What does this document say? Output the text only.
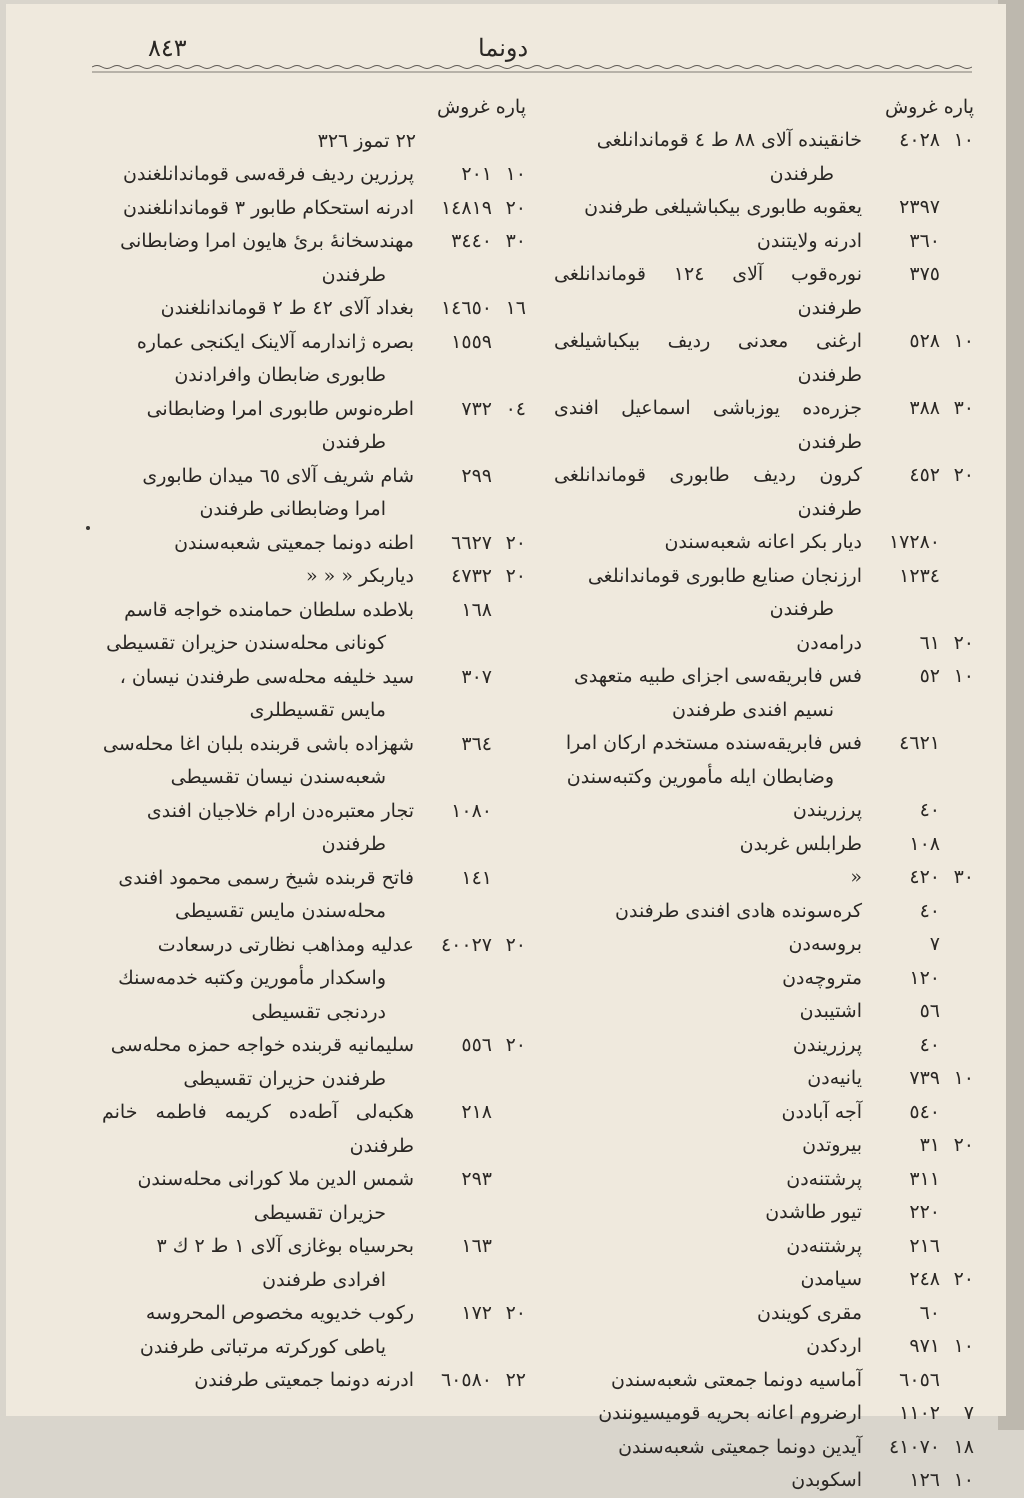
٨٤٣	دونما
پاره غروش
١٠
٤٠٢٨
خانقینده آلای ٨٨ ط ٤ قوماندانلغی
طرفندن
٢٣٩٧
یعقوبه طابوری بیکباشیلغی طرفندن
٣٦٠
ادرنه ولایتندن
٣٧٥
نوره‌قوب آلای ١٢٤ قوماندانلغی طرفندن
١٠
٥٢٨
ارغنی معدنی ردیف بیکباشیلغی طرفندن
٣٠
٣٨٨
جزره‌ده یوزباشی اسماعیل افندی طرفندن
٢٠
٤٥٢
کرون ردیف طابوری قوماندانلغی طرفندن
١٧٢٨٠
دیار بکر اعانه شعبه‌سندن
١٢٣٤
ارزنجان صنایع طابوری قوماندانلغی
طرفندن
٢٠
٦١
درامه‌دن
١٠
٥٢
فس فابریقه‌سی اجزای طبیه متعهدی
نسیم افندی طرفندن
٤٦٢١
فس فابریقه‌سنده مستخدم ارکان امرا
وضابطان ایله مأمورین وکتبه‌سندن
٤٠
پرزریندن
١٠٨
طرابلس غربدن
٣٠
٤٢٠
«
٤٠
کره‌سونده هادی افندی طرفندن
٧
بروسه‌دن
١٢٠
متروچه‌دن
٥٦
اشتیبدن
٤٠
پرزریندن
١٠
٧٣٩
یانیه‌دن
٥٤٠
آجه آباددن
٢٠
٣١
بیروتدن
٣١١
پرشتنه‌دن
٢٢٠
تیور طاشدن
٢١٦
پرشتنه‌دن
٢٠
٢٤٨
سیامدن
٦٠
مقری کویندن
١٠
٩٧١
اردکدن
٦٠٥٦
آماسیه دونما جمعتی شعبه‌سندن
٧
١١٠٢
ارضروم اعانه بحریه قومیسیونندن
١٨
٤١٠٧٠
آیدین دونما جمعیتی شعبه‌سندن
١٠
١٢٦
اسکوبدن
پاره غروش
٢٢ تموز ٣٢٦
١٠
٢٠١
پرزرین ردیف فرقه‌سی قوماندانلغندن
٢٠
١٤٨١٩
ادرنه استحکام طابور ٣ قوماندانلغندن
٣٠
٣٤٤٠
مهندسخانهٔ بریٔ هایون امرا وضابطانی
طرفندن
١٦
١٤٦٥٠
بغداد آلای ٤٢ ط ٢ قوماندانلغندن
١٥٥٩
بصره ژاندارمه آلاینک ایکنجی عماره
طابوری ضابطان وافرادندن
٠٤
٧٣٢
اطره‌نوس طابوری امرا وضابطانی
طرفندن
٢٩٩
شام شریف آلای ٦٥ میدان طابوری
امرا وضابطانی طرفندن
٢٠
٦٦٢٧
اطنه دونما جمعیتی شعبه‌سندن
٢٠
٤٧٣٢
دیاربکر « « «
١٦٨
بلاطده سلطان حمامنده خواجه قاسم
کونانی محله‌سندن حزیران تقسیطی
٣٠٧
سید خلیفه محله‌سی طرفندن نیسان ،
مایس تقسیطلری
٣٦٤
شهزاده باشی قربنده بلبان اغا محله‌سی
شعبه‌سندن نیسان تقسیطی
١٠٨٠
تجار معتبره‌دن ارام خلاجیان افندی
طرفندن
١٤١
فاتح قربنده شیخ رسمی محمود افندی
محله‌سندن مایس تقسیطی
٢٠
٤٠٠٢٧
عدلیه ومذاهب نظارتی درسعادت
واسکدار مأمورین وکتبه خدمه‌سنك
دردنجی تقسیطی
٢٠
٥٥٦
سلیمانیه قربنده خواجه حمزه محله‌سی
طرفندن حزیران تقسیطی
٢١٨
هکبه‌لی آطه‌ده کریمه فاطمه خانم طرفندن
٢٩٣
شمس الدین ملا کورانی محله‌سندن
حزیران تقسیطی
١٦٣
بحرسیاه بوغازی آلای ١ ط ٢ ك ٣
افرادی طرفندن
٢٠
١٧٢
رکوب خدیویه مخصوص المحروسه
یاطی کورکرته مرتباتی طرفندن
٢٢
٦٠٥٨٠
ادرنه دونما جمعیتی طرفندن
